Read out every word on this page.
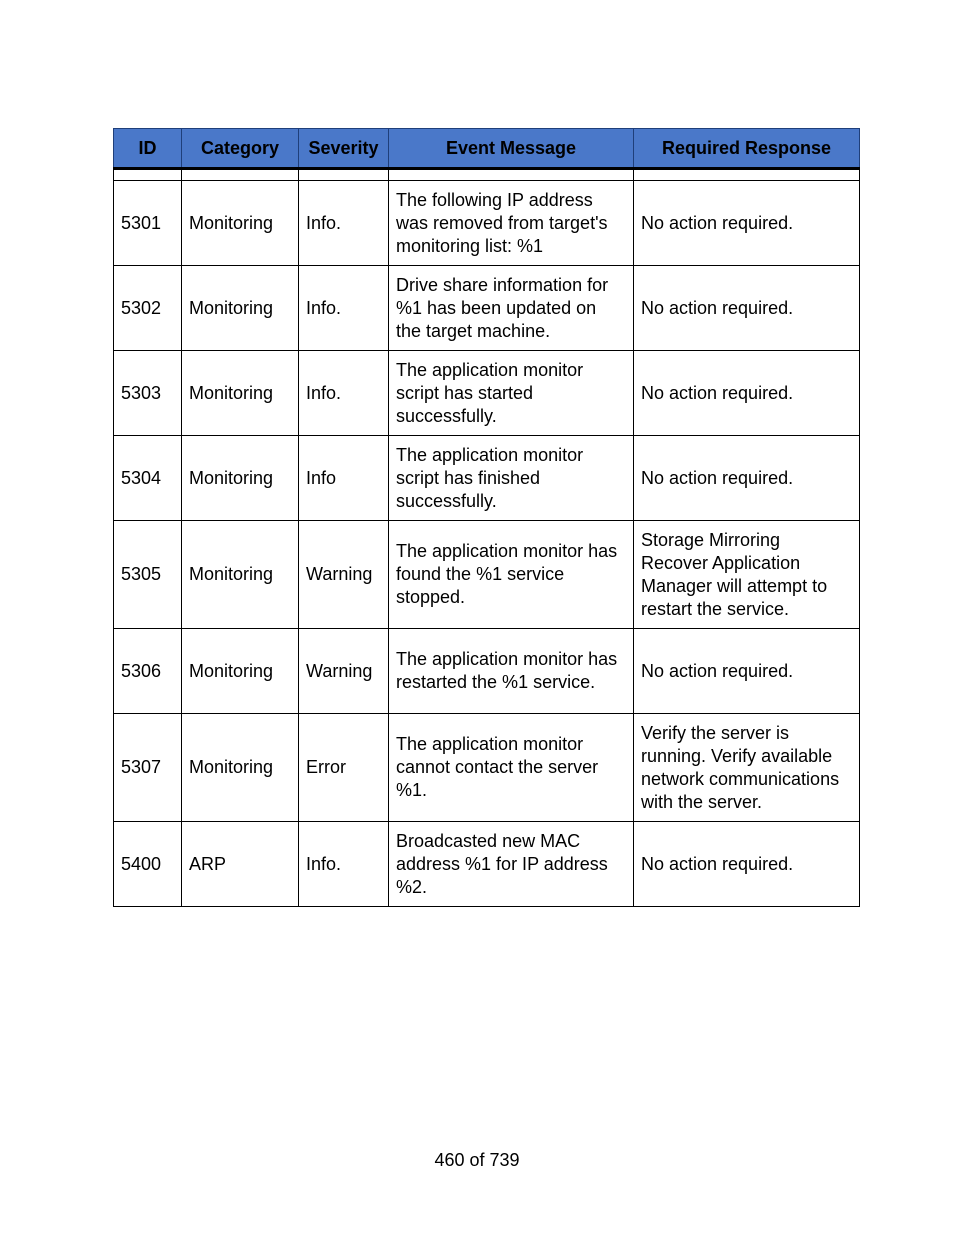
ID	Category	Severity	Event Message	Required Response

5301	Monitoring	Info.	The following IP address was removed from target's monitoring list: %1	No action required.
5302	Monitoring	Info.	Drive share information for %1 has been updated on the target machine.	No action required.
5303	Monitoring	Info.	The application monitor script has started successfully.	No action required.
5304	Monitoring	Info	The application monitor script has finished successfully.	No action required.
5305	Monitoring	Warning	The application monitor has found the %1 service stopped.	Storage Mirroring Recover Application Manager will attempt to restart the service.
5306	Monitoring	Warning	The application monitor has restarted the %1 service.	No action required.
5307	Monitoring	Error	The application monitor cannot contact the server %1.	Verify the server is running. Verify available network communications with the server.
5400	ARP	Info.	Broadcasted new MAC address %1 for IP address %2.	No action required.
460 of 739
